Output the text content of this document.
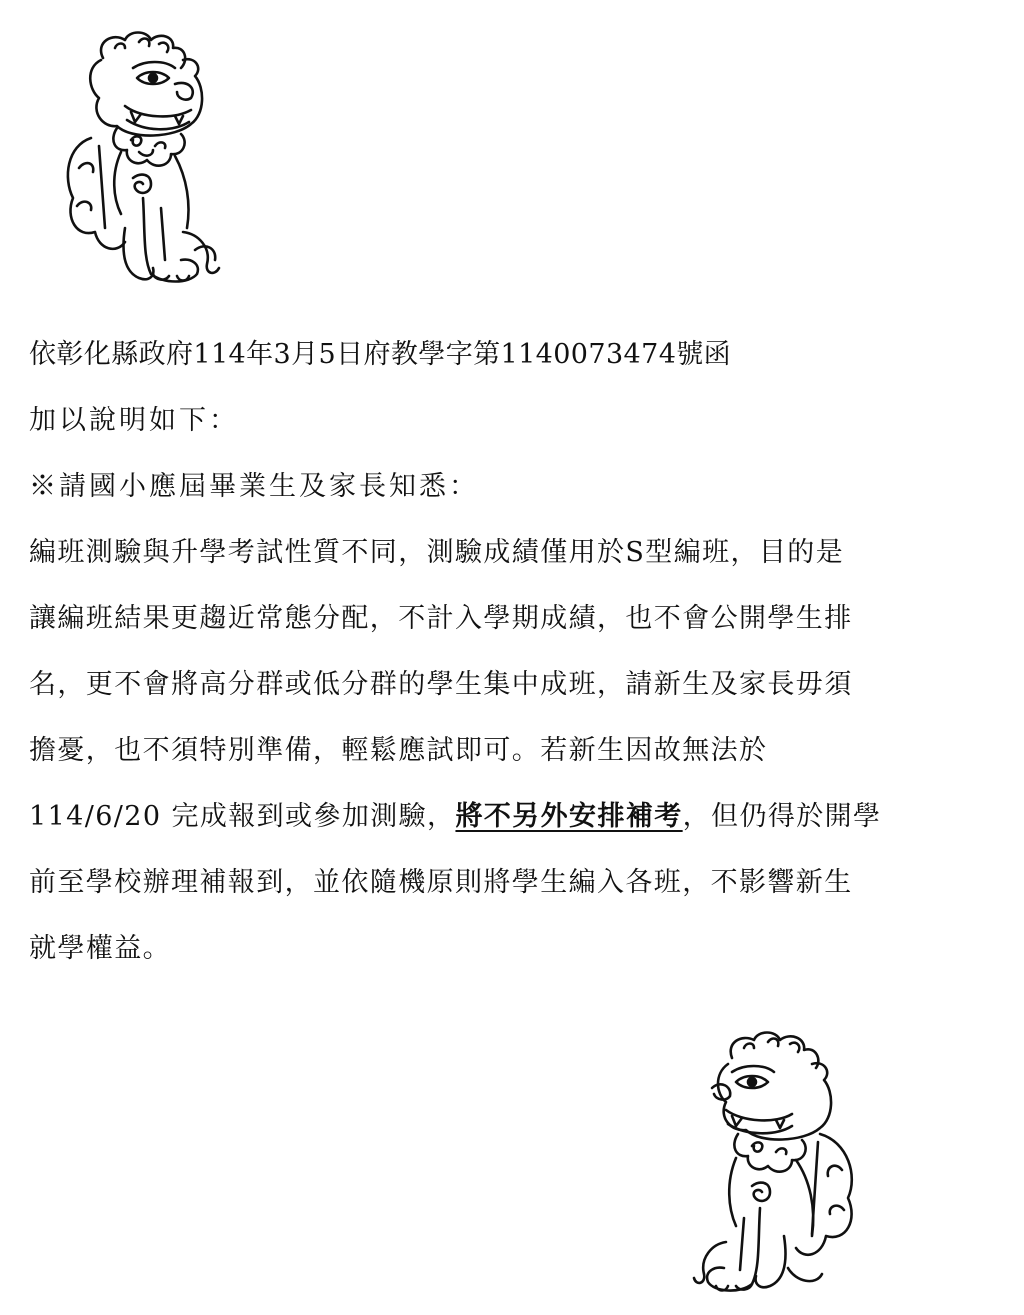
依彰化縣政府114年3月5日府教學字第1140073474號函
加以說明如下：
※請國小應屆畢業生及家長知悉：
編班測驗與升學考試性質不同，測驗成績僅用於S型編班，目的是
讓編班結果更趨近常態分配，不計入學期成績，也不會公開學生排
名，更不會將高分群或低分群的學生集中成班，請新生及家長毋須
擔憂，也不須特別準備，輕鬆應試即可。若新生因故無法於
114/6/20 完成報到或參加測驗，將不另外安排補考，但仍得於開學
前至學校辦理補報到，並依隨機原則將學生編入各班，不影響新生
就學權益。
